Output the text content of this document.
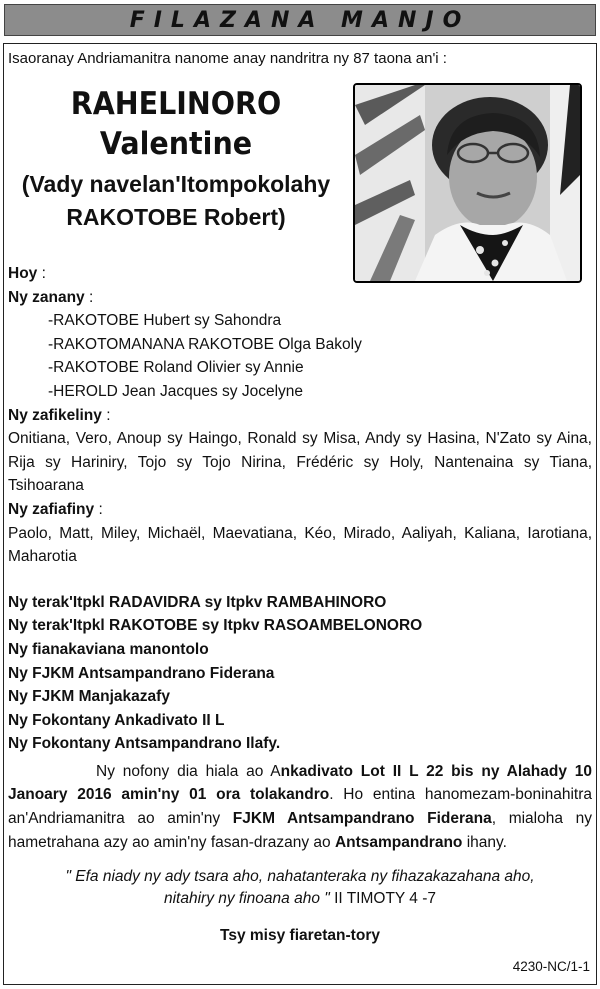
FILAZANA MANJO
Isaoranay Andriamanitra nanome anay nandritra ny 87 taona an'i :
RAHELINORO
Valentine
(Vady navelan'Itompokolahy
RAKOTOBE Robert)
Hoy :
Ny zanany :
-RAKOTOBE Hubert sy Sahondra
-RAKOTOMANANA RAKOTOBE Olga Bakoly
-RAKOTOBE Roland Olivier sy Annie
-HEROLD Jean Jacques sy Jocelyne
Ny zafikeliny :
Onitiana, Vero, Anoup sy Haingo, Ronald sy Misa, Andy sy Hasina, N'Zato sy Aina, Rija sy Hariniry, Tojo sy Tojo Nirina, Frédéric sy Holy, Nantenaina sy Tiana, Tsihoarana
Ny zafiafiny :
Paolo, Matt, Miley, Michaël, Maevatiana, Kéo, Mirado, Aaliyah, Kaliana, Iarotiana, Maharotia
Ny terak'Itpkl RADAVIDRA sy Itpkv RAMBAHINORO
Ny terak'Itpkl RAKOTOBE sy Itpkv RASOAMBELONORO
Ny fianakaviana manontolo
Ny FJKM Antsampandrano Fiderana
Ny FJKM Manjakazafy
Ny Fokontany Ankadivato II L
Ny Fokontany Antsampandrano Ilafy.
Ny nofony dia hiala ao Ankadivato Lot II L 22 bis ny Alahady 10 Janoary 2016 amin'ny 01 ora tolakandro. Ho entina hanomezam-boninahitra an'Andriamanitra ao amin'ny FJKM Antsampandrano Fiderana, mialoha ny hametrahana azy ao amin'ny fasan-drazany ao Antsampandrano ihany.
" Efa niady ny ady tsara aho, nahatanteraka ny fihazakazahana aho,
nitahiry ny finoana aho " II TIMOTY 4 -7
Tsy misy fiaretan-tory
4230-NC/1-1
